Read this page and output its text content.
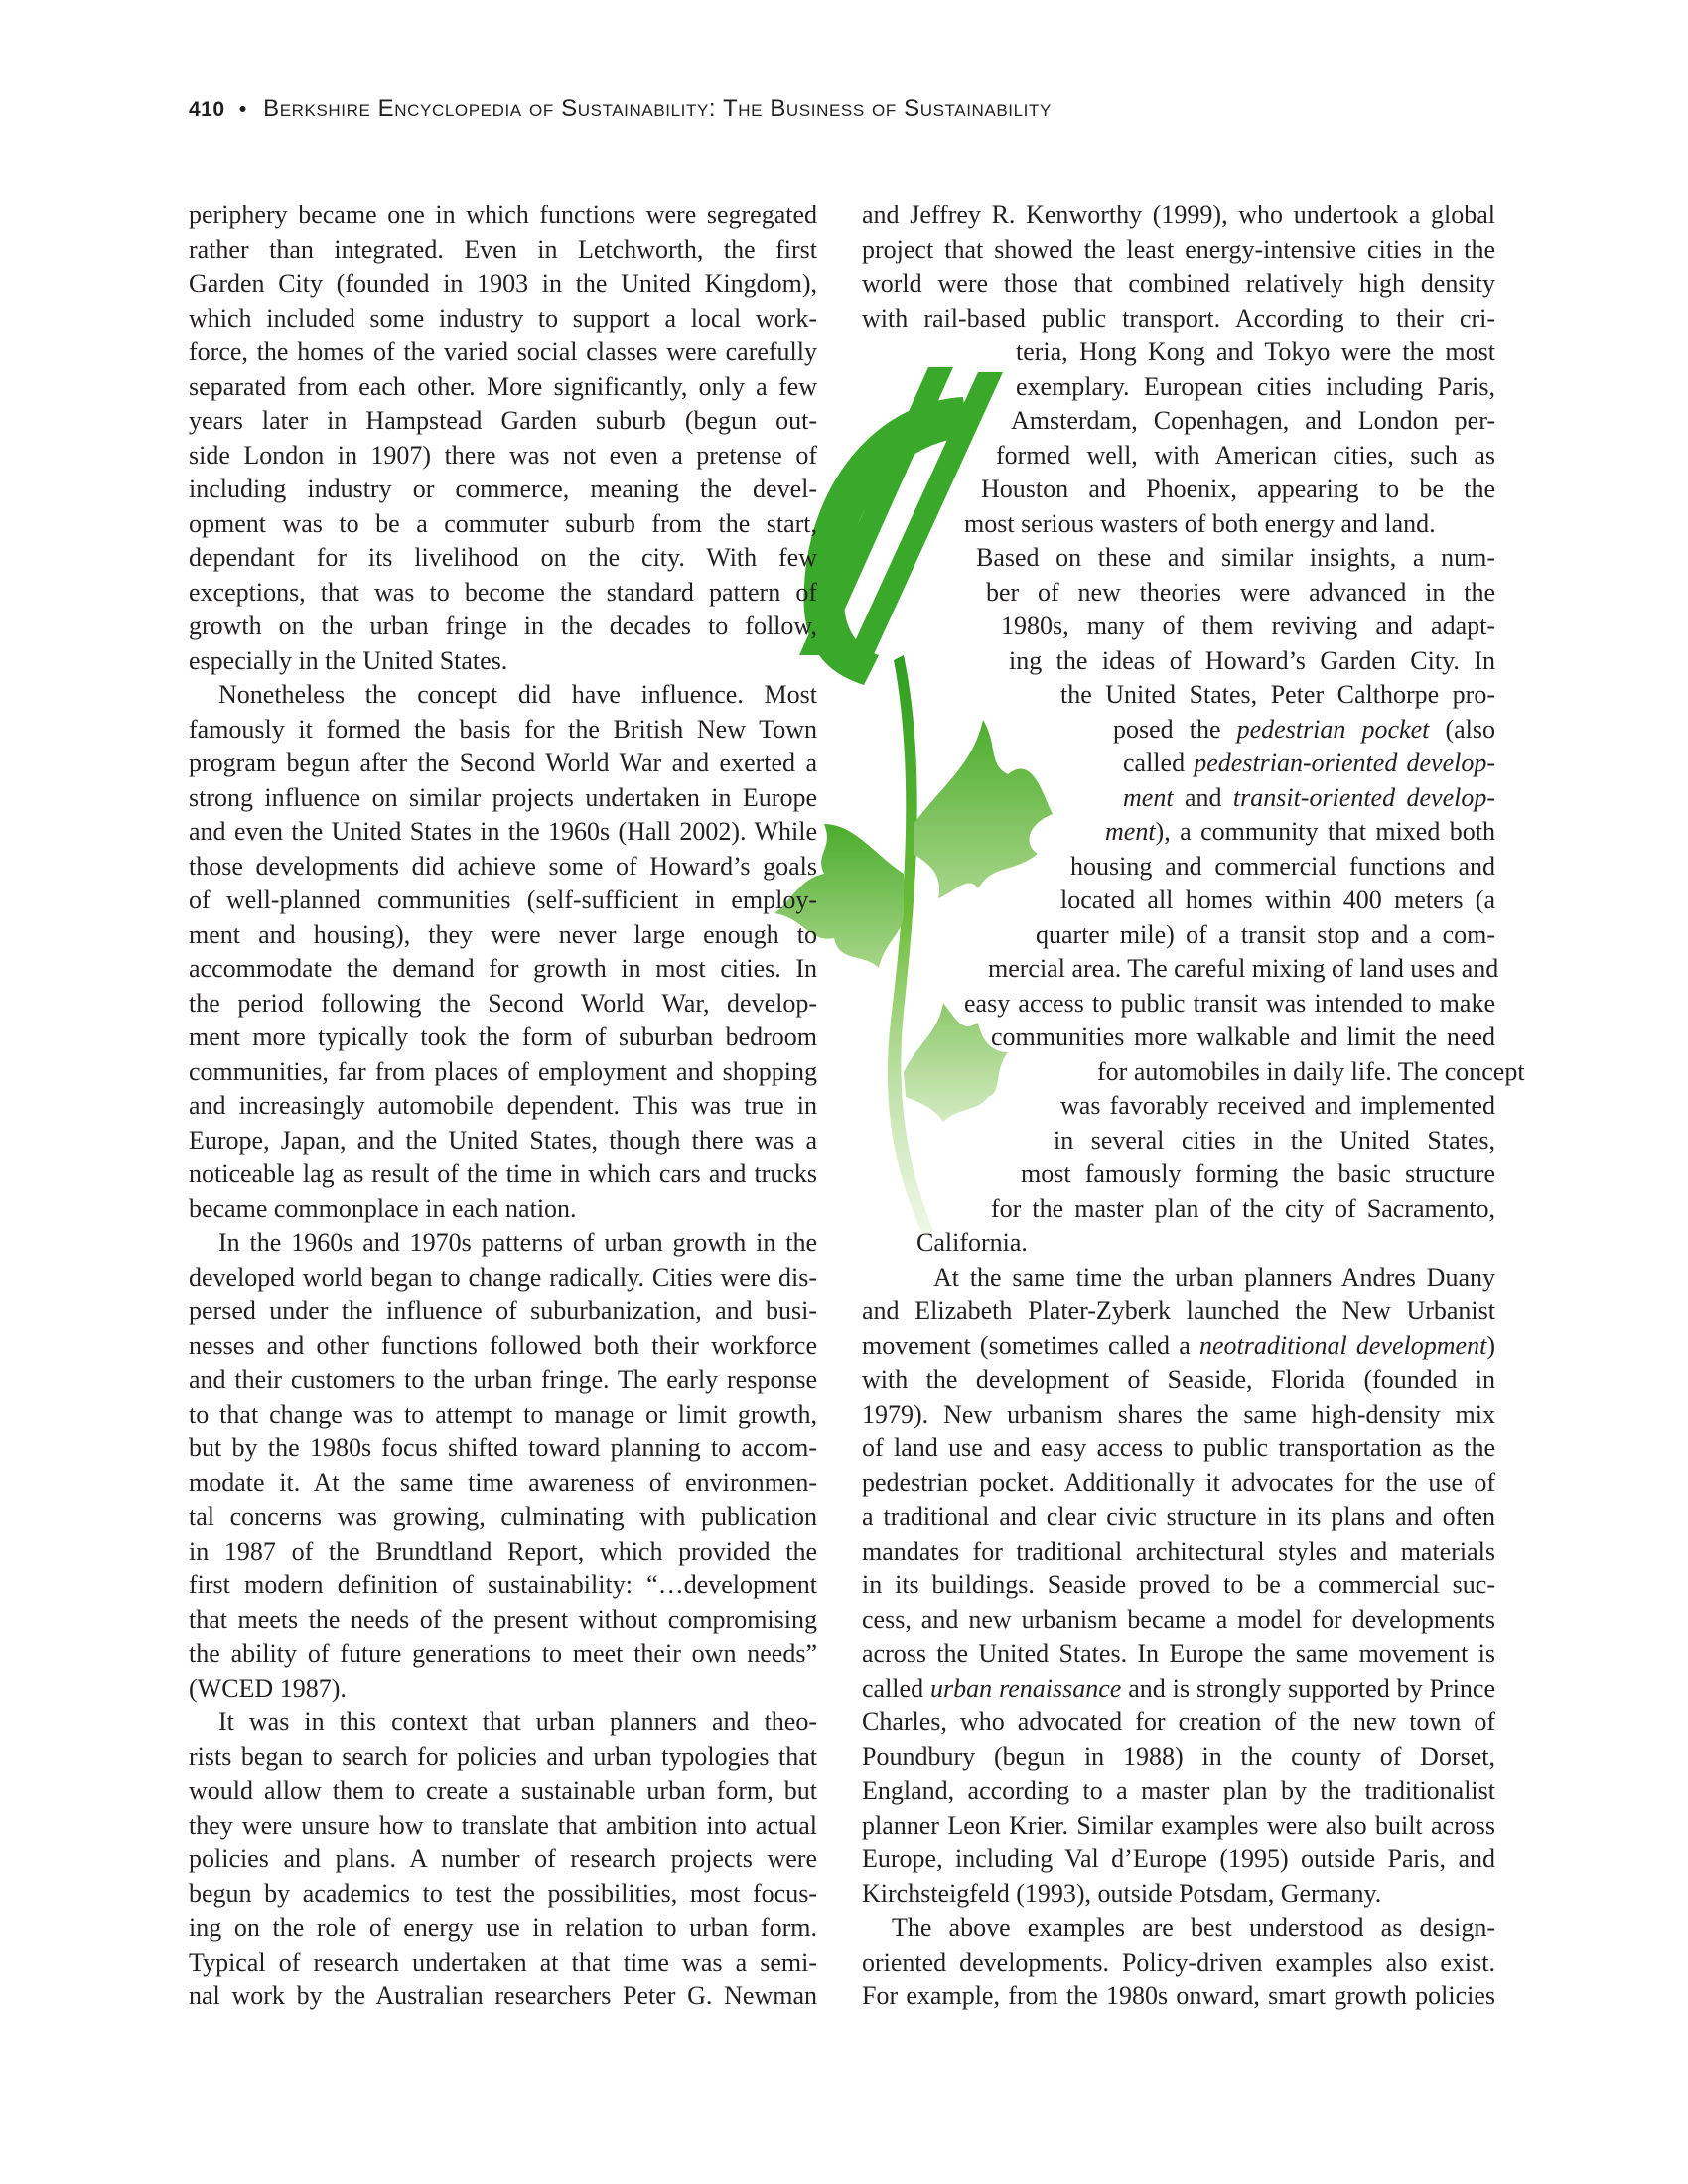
410 • Berkshire Encyclopedia of Sustainability: The Business of Sustainability
periphery became one in which functions were segregated
rather than integrated. Even in Letchworth, the first
Garden City (founded in 1903 in the United Kingdom),
which included some industry to support a local work-
force, the homes of the varied social classes were carefully
separated from each other. More significantly, only a few
years later in Hampstead Garden suburb (begun out-
side London in 1907) there was not even a pretense of
including industry or commerce, meaning the devel-
opment was to be a commuter suburb from the start,
dependant for its livelihood on the city. With few
exceptions, that was to become the standard pattern of
growth on the urban fringe in the decades to follow,
especially in the United States.
Nonetheless the concept did have influence. Most
famously it formed the basis for the British New Town
program begun after the Second World War and exerted a
strong influence on similar projects undertaken in Europe
and even the United States in the 1960s (Hall 2002). While
those developments did achieve some of Howard’s goals
of well-planned communities (self-sufficient in employ-
ment and housing), they were never large enough to
accommodate the demand for growth in most cities. In
the period following the Second World War, develop-
ment more typically took the form of suburban bedroom
communities, far from places of employment and shopping
and increasingly automobile dependent. This was true in
Europe, Japan, and the United States, though there was a
noticeable lag as result of the time in which cars and trucks
became commonplace in each nation.
In the 1960s and 1970s patterns of urban growth in the
developed world began to change radically. Cities were dis-
persed under the influence of suburbanization, and busi-
nesses and other functions followed both their workforce
and their customers to the urban fringe. The early response
to that change was to attempt to manage or limit growth,
but by the 1980s focus shifted toward planning to accom-
modate it. At the same time awareness of environmen-
tal concerns was growing, culminating with publication
in 1987 of the Brundtland Report, which provided the
first modern definition of sustainability: “…development
that meets the needs of the present without compromising
the ability of future generations to meet their own needs”
(WCED 1987).
It was in this context that urban planners and theo-
rists began to search for policies and urban typologies that
would allow them to create a sustainable urban form, but
they were unsure how to translate that ambition into actual
policies and plans. A number of research projects were
begun by academics to test the possibilities, most focus-
ing on the role of energy use in relation to urban form.
Typical of research undertaken at that time was a semi-
nal work by the Australian researchers Peter G. Newman
and Jeffrey R. Kenworthy (1999), who undertook a global
project that showed the least energy-intensive cities in the
world were those that combined relatively high density
with rail-based public transport. According to their cri-
teria, Hong Kong and Tokyo were the most
exemplary. European cities including Paris,
Amsterdam, Copenhagen, and London per-
formed well, with American cities, such as
Houston and Phoenix, appearing to be the
most serious wasters of both energy and land.
Based on these and similar insights, a num-
ber of new theories were advanced in the
1980s, many of them reviving and adapt-
ing the ideas of Howard’s Garden City. In
the United States, Peter Calthorpe pro-
posed the pedestrian pocket (also
called pedestrian-oriented develop-
ment and transit-oriented develop-
ment), a community that mixed both
housing and commercial functions and
located all homes within 400 meters (a
quarter mile) of a transit stop and a com-
mercial area. The careful mixing of land uses and
easy access to public transit was intended to make
communities more walkable and limit the need
for automobiles in daily life. The concept
was favorably received and implemented
in several cities in the United States,
most famously forming the basic structure
for the master plan of the city of Sacramento,
California.
At the same time the urban planners Andres Duany
and Elizabeth Plater-Zyberk launched the New Urbanist
movement (sometimes called a neotraditional development)
with the development of Seaside, Florida (founded in
1979). New urbanism shares the same high-density mix
of land use and easy access to public transportation as the
pedestrian pocket. Additionally it advocates for the use of
a traditional and clear civic structure in its plans and often
mandates for traditional architectural styles and materials
in its buildings. Seaside proved to be a commercial suc-
cess, and new urbanism became a model for developments
across the United States. In Europe the same movement is
called urban renaissance and is strongly supported by Prince
Charles, who advocated for creation of the new town of
Poundbury (begun in 1988) in the county of Dorset,
England, according to a master plan by the traditionalist
planner Leon Krier. Similar examples were also built across
Europe, including Val d’Europe (1995) outside Paris, and
Kirchsteigfeld (1993), outside Potsdam, Germany.
The above examples are best understood as design-
oriented developments. Policy-driven examples also exist.
For example, from the 1980s onward, smart growth policies
